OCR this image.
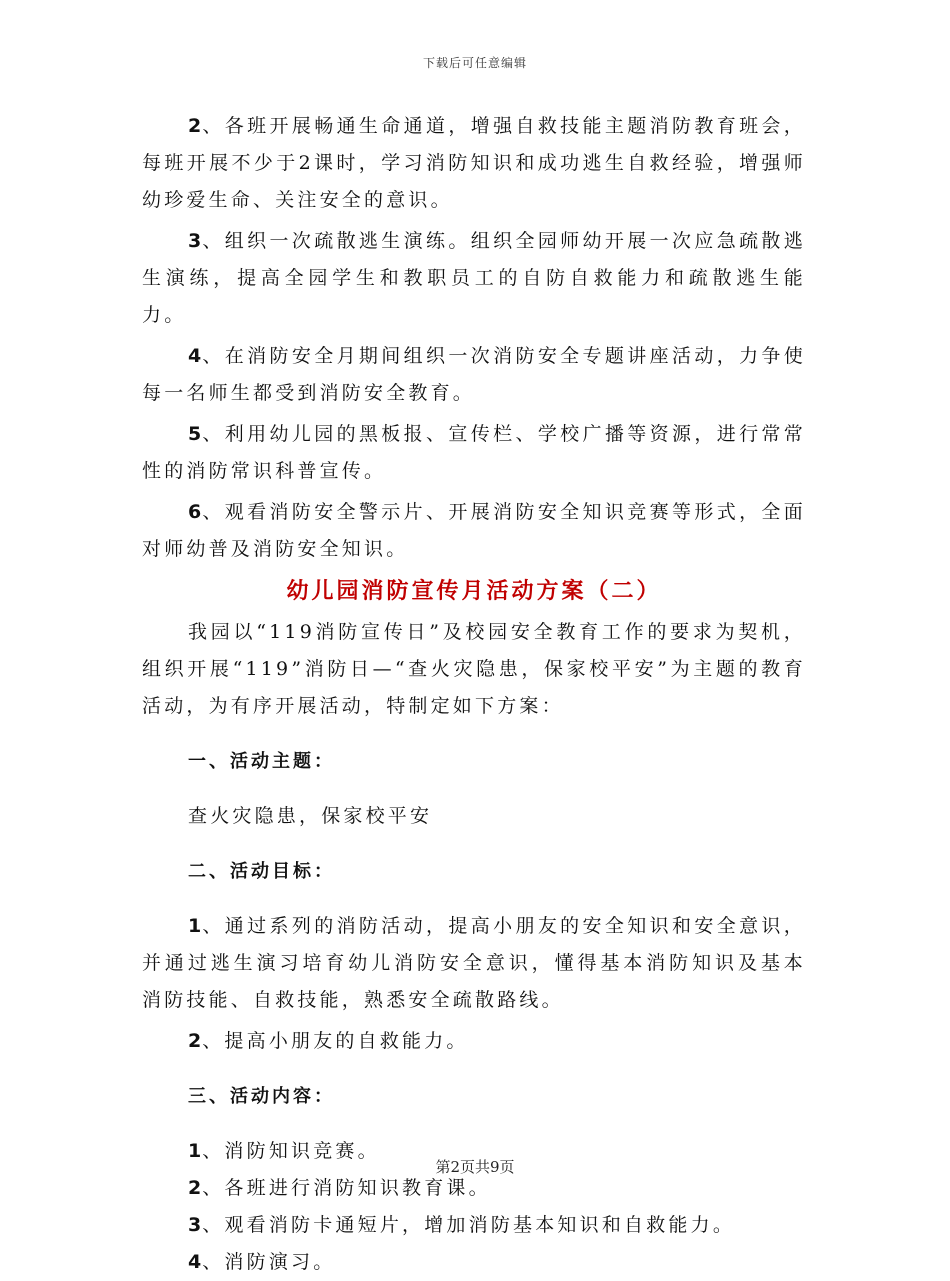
下载后可任意编辑

2、各班开展畅通生命通道，增强自救技能主题消防教育班会，每班开展不少于2课时，学习消防知识和成功逃生自救经验，增强师幼珍爱生命、关注安全的意识。

3、组织一次疏散逃生演练。组织全园师幼开展一次应急疏散逃生演练，提高全园学生和教职员工的自防自救能力和疏散逃生能力。

4、在消防安全月期间组织一次消防安全专题讲座活动，力争使每一名师生都受到消防安全教育。

5、利用幼儿园的黑板报、宣传栏、学校广播等资源，进行常常性的消防常识科普宣传。

6、观看消防安全警示片、开展消防安全知识竞赛等形式，全面对师幼普及消防安全知识。

幼儿园消防宣传月活动方案（二）

我园以“119消防宣传日”及校园安全教育工作的要求为契机，组织开展“119”消防日—“查火灾隐患，保家校平安”为主题的教育活动，为有序开展活动，特制定如下方案：

一、活动主题：

查火灾隐患，保家校平安

二、活动目标：

1、通过系列的消防活动，提高小朋友的安全知识和安全意识，并通过逃生演习培育幼儿消防安全意识，懂得基本消防知识及基本消防技能、自救技能，熟悉安全疏散路线。

2、提高小朋友的自救能力。

三、活动内容：

1、消防知识竞赛。

2、各班进行消防知识教育课。

3、观看消防卡通短片，增加消防基本知识和自救能力。

4、消防演习。

第2页共9页
